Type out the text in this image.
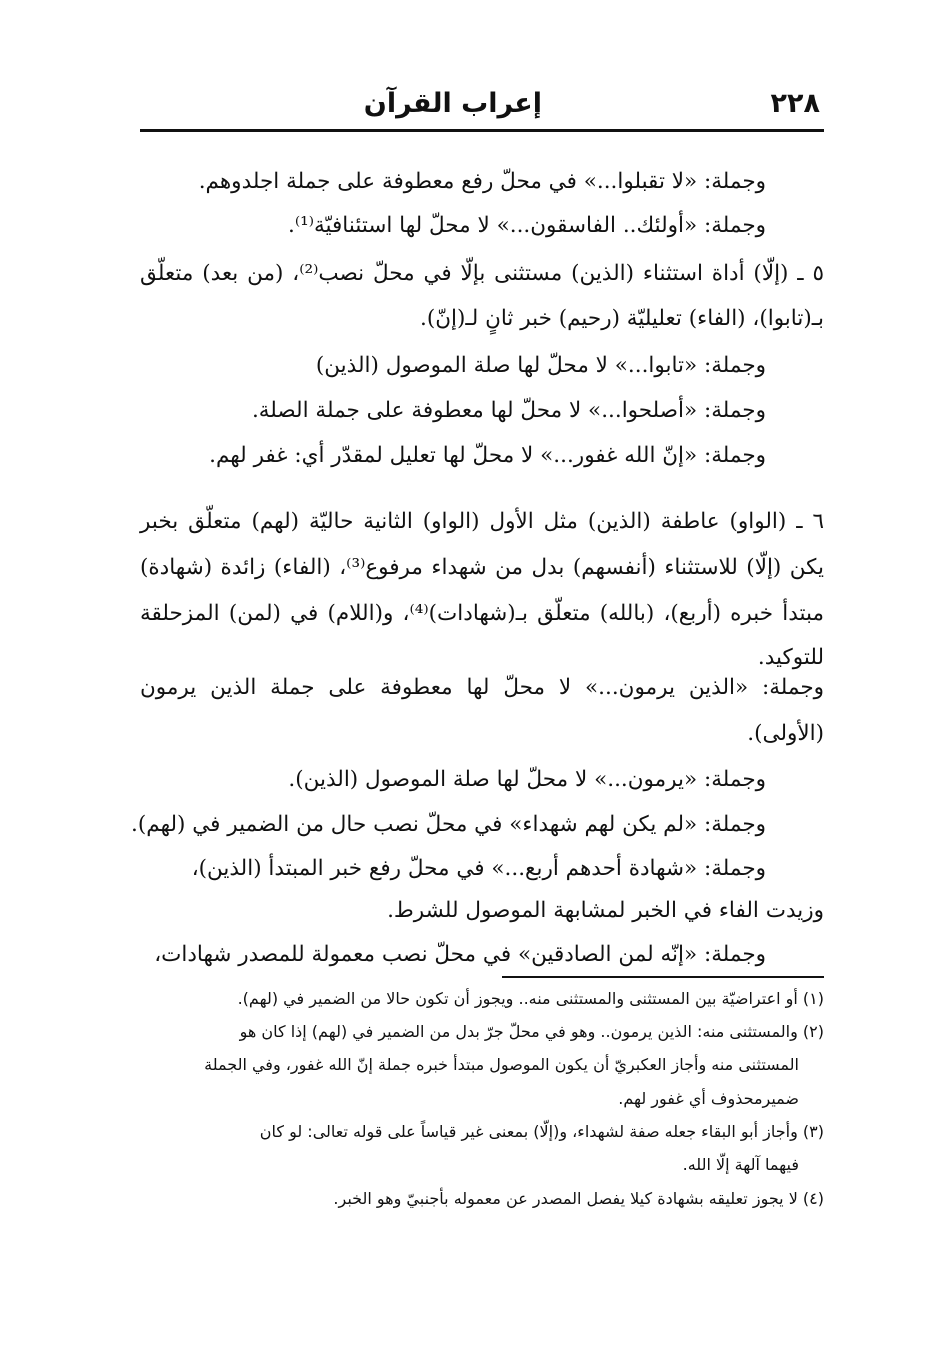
٢٢٨
إعراب القرآن
وجملة: «لا تقبلوا...» في محلّ رفع معطوفة على جملة اجلدوهم.
وجملة: «أولئك.. الفاسقون...» لا محلّ لها استئنافيّة⁽¹⁾.
٥ ـ (إلّا) أداة استثناء (الذين) مستثنى بإلّا في محلّ نصب⁽²⁾، (من بعد) متعلّق
بـ(تابوا)، (الفاء) تعليليّة (رحيم) خبر ثانٍ لـ(إنّ).
وجملة: «تابوا...» لا محلّ لها صلة الموصول (الذين)
وجملة: «أصلحوا...» لا محلّ لها معطوفة على جملة الصلة.
وجملة: «إنّ الله غفور...» لا محلّ لها تعليل لمقدّر أي: غفر لهم.
٦ ـ (الواو) عاطفة (الذين) مثل الأول (الواو) الثانية حاليّة (لهم) متعلّق بخبر
يكن (إلّا) للاستثناء (أنفسهم) بدل من شهداء مرفوع⁽³⁾، (الفاء) زائدة (شهادة)
مبتدأ خبره (أربع)، (بالله) متعلّق بـ(شهادات)⁽⁴⁾، و(اللام) في (لمن) المزحلقة
للتوكيد.
وجملة: «الذين يرمون...» لا محلّ لها معطوفة على جملة الذين يرمون
(الأولى).
وجملة: «يرمون...» لا محلّ لها صلة الموصول (الذين).
وجملة: «لم يكن لهم شهداء» في محلّ نصب حال من الضمير في (لهم).
وجملة: «شهادة أحدهم أربع...» في محلّ رفع خبر المبتدأ (الذين)،
وزيدت الفاء في الخبر لمشابهة الموصول للشرط.
وجملة: «إنّه لمن الصادقين» في محلّ نصب معمولة للمصدر شهادات،
(١) أو اعتراضيّة بين المستثنى والمستثنى منه.. ويجوز أن تكون حالا من الضمير في (لهم).
(٢) والمستثنى منه: الذين يرمون.. وهو في محلّ جرّ بدل من الضمير في (لهم) إذا كان هو
المستثنى منه وأجاز العكبريّ أن يكون الموصول مبتدأ خبره جملة إنّ الله غفور، وفي الجملة
ضميرمحذوف أي غفور لهم.
(٣) وأجاز أبو البقاء جعله صفة لشهداء، و(إلّا) بمعنى غير قياساً على قوله تعالى: لو كان
فيهما آلهة إلّا الله.
(٤) لا يجوز تعليقه بشهادة كيلا يفصل المصدر عن معموله بأجنبيّ وهو الخبر.
